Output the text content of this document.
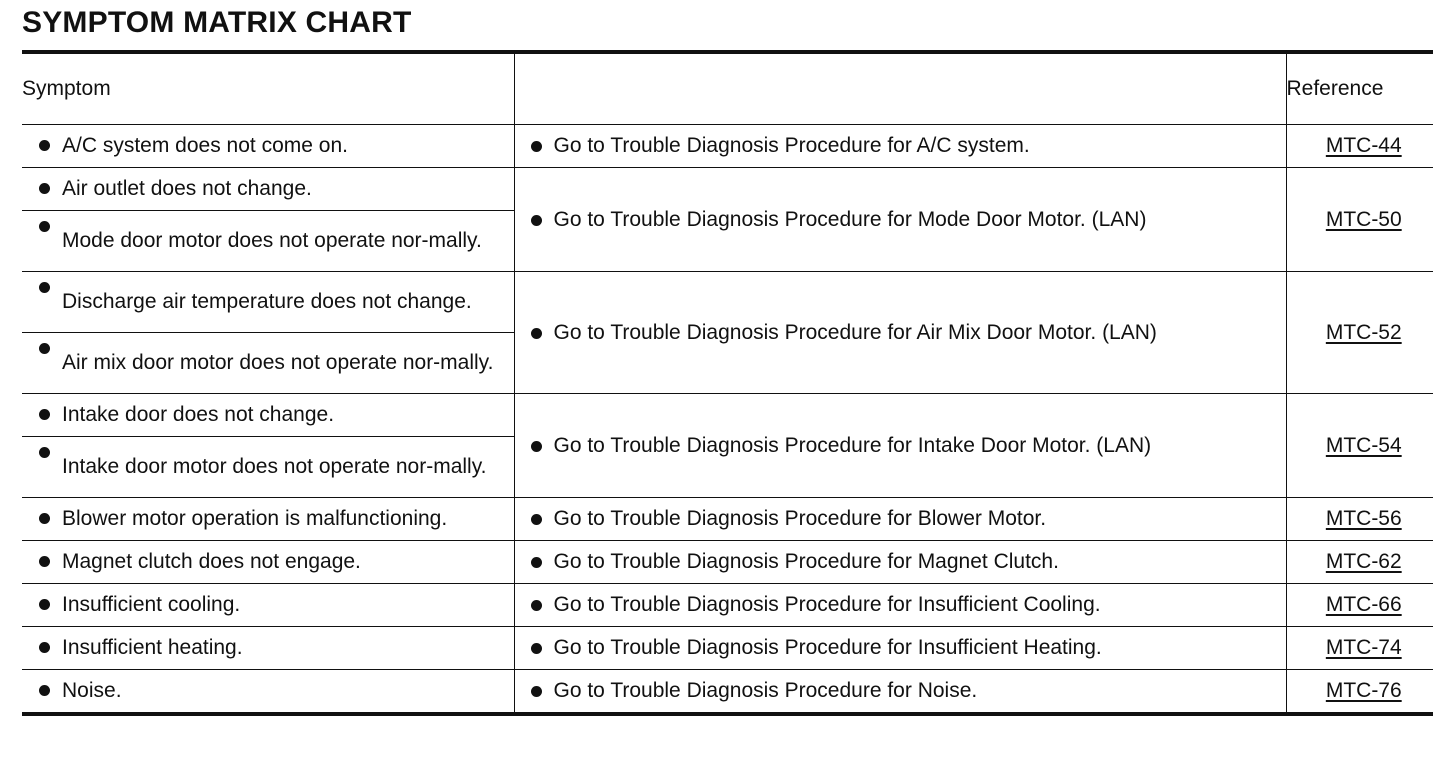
SYMPTOM MATRIX CHART
Symptom		Reference

A/C system does not come on.	Go to Trouble Diagnosis Procedure for A/C system.	MTC-44

Air outlet does not change.	Go to Trouble Diagnosis Procedure for Mode Door Motor. (LAN)	MTC-50

Mode door motor does not operate nor-mally.		

Discharge air temperature does not change.	Go to Trouble Diagnosis Procedure for Air Mix Door Motor. (LAN)	MTC-52

Air mix door motor does not operate nor-mally.		

Intake door does not change.	Go to Trouble Diagnosis Procedure for Intake Door Motor. (LAN)	MTC-54

Intake door motor does not operate nor-mally.		

Blower motor operation is malfunctioning.	Go to Trouble Diagnosis Procedure for Blower Motor.	MTC-56

Magnet clutch does not engage.	Go to Trouble Diagnosis Procedure for Magnet Clutch.	MTC-62

Insufficient cooling.	Go to Trouble Diagnosis Procedure for Insufficient Cooling.	MTC-66

Insufficient heating.	Go to Trouble Diagnosis Procedure for Insufficient Heating.	MTC-74

Noise.	Go to Trouble Diagnosis Procedure for Noise.	MTC-76
